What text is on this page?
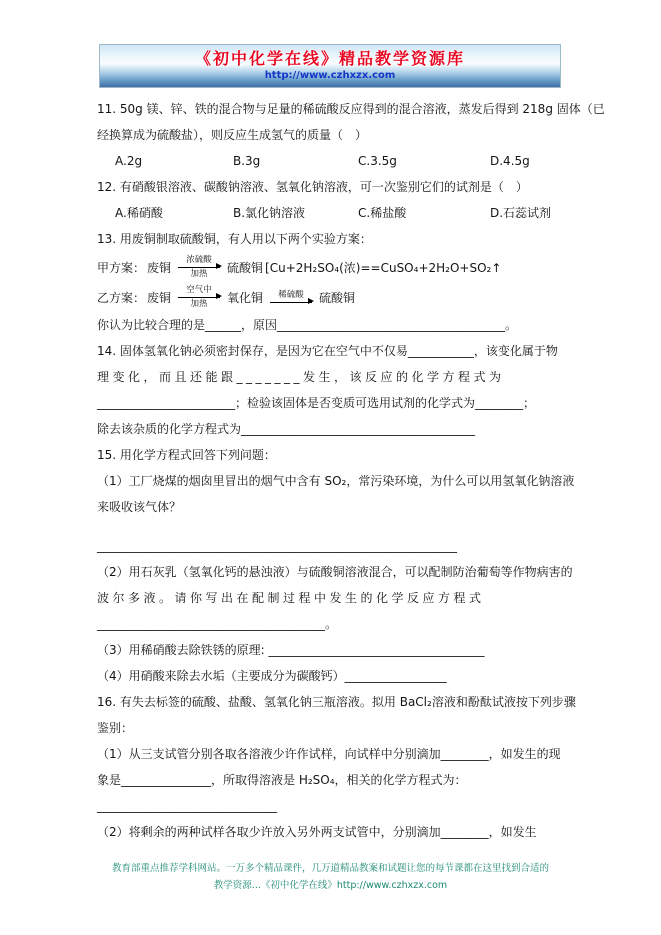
《初中化学在线》精品教学资源库
http://www.czhxzx.com
11. 50g 镁、锌、铁的混合物与足量的稀硫酸反应得到的混合溶液，蒸发后得到 218g 固体（已
经换算成为硫酸盐），则反应生成氢气的质量（　）
A.2g	B.3g	C.3.5g	D.4.5g
12. 有硝酸银溶液、碳酸钠溶液、氢氧化钠溶液，可一次鉴别它们的试剂是（　）
A.稀硝酸	B.氯化钠溶液	C.稀盐酸	D.石蕊试剂
13. 用废铜制取硫酸铜，有人用以下两个实验方案：
甲方案： 废铜
浓硫酸
加热 硫酸铜 [Cu+2H₂SO₄(浓)==CuSO₄+2H₂O+SO₂↑
乙方案： 废铜
空气中
加热 氧化铜 稀硫酸 硫酸铜
你认为比较合理的是______，原因______________________________________。
14. 固体氢氧化钠必须密封保存，是因为它在空气中不仅易___________，该变化属于物
理变化，而且还能跟_______发生，该反应的化学方程式为
_______________________；检验该固体是否变质可选用试剂的化学式为________；
除去该杂质的化学方程式为_______________________________________
15. 用化学方程式回答下列问题：
（1）工厂烧煤的烟囱里冒出的烟气中含有 SO₂，常污染环境，为什么可以用氢氧化钠溶液
来吸收该气体？
____________________________________________________________
（2）用石灰乳（氢氧化钙的悬浊液）与硫酸铜溶液混合，可以配制防治葡萄等作物病害的
波尔多液。请你写出在配制过程中发生的化学反应方程式
______________________________________。
（3）用稀硝酸去除铁锈的原理: ____________________________________
（4）用硝酸来除去水垢（主要成分为碳酸钙）_________________
16. 有失去标签的硫酸、盐酸、氢氧化钠三瓶溶液。拟用 BaCl₂溶液和酚酞试液按下列步骤
鉴别：
（1）从三支试管分别各取各溶液少许作试样，向试样中分别滴加________，如发生的现
象是_______________，所取得溶液是 H₂SO₄，相关的化学方程式为：
______________________________
（2）将剩余的两种试样各取少许放入另外两支试管中，分别滴加________，如发生
教育部重点推荐学科网站。一万多个精品课件，几万道精品教案和试题让您的每节课都在这里找到合适的
教学资源...《初中化学在线》http://www.czhxzx.com
